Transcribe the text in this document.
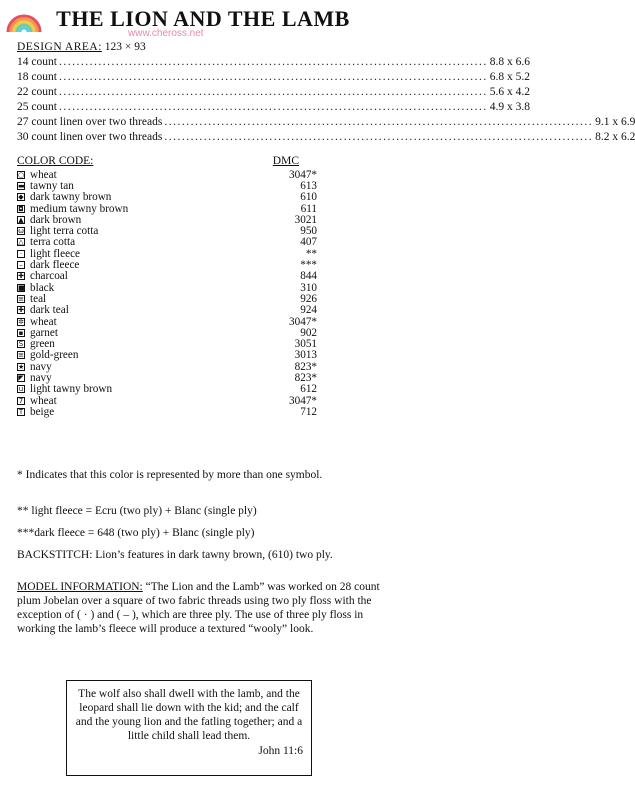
THE LION AND THE LAMB
www.cheross.net
DESIGN AREA: 123 × 93
14 count .................................................................................................. 8.8 x 6.6
18 count .................................................................................................. 6.8 x 5.2
22 count .................................................................................................. 5.6 x 4.2
25 count .................................................................................................. 4.9 x 3.8
27 count linen over two threads .................................................................................................. 9.1 x 6.9
30 count linen over two threads .................................................................................................. 8.2 x 6.2
COLOR CODE:	DMC
○ wheat	3047*
▬ tawny tan	613
◆ dark tawny brown	610
◘ medium tawny brown	611
▲ dark brown	3021
ω light terra cotta	950
△ terra cotta	407
· light fleece	**
– dark fleece	***
✚ charcoal	844
■ black	310
≡ teal	926
✚ dark teal	924
✲ wheat	3047*
▪ garnet	902
S green	3051
≡ gold-green	3013
★ navy	823*
◤ navy	823*
u light tawny brown	612
7 wheat	3047*
T beige	712
* Indicates that this color is represented by more than one symbol.
** light fleece = Ecru (two ply) + Blanc (single ply)
***dark fleece = 648 (two ply) + Blanc (single ply)
BACKSTITCH: Lion’s features in dark tawny brown, (610) two ply.
MODEL INFORMATION: “The Lion and the Lamb” was worked on 28 count plum Jobelan over a square of two fabric threads using two ply floss with the exception of ( · ) and ( – ), which are three ply. The use of three ply floss in working the lamb’s fleece will produce a textured “wooly” look.
The wolf also shall dwell with the lamb, and the leopard shall lie down with the kid; and the calf and the young lion and the fatling together; and a little child shall lead them.
John 11:6
